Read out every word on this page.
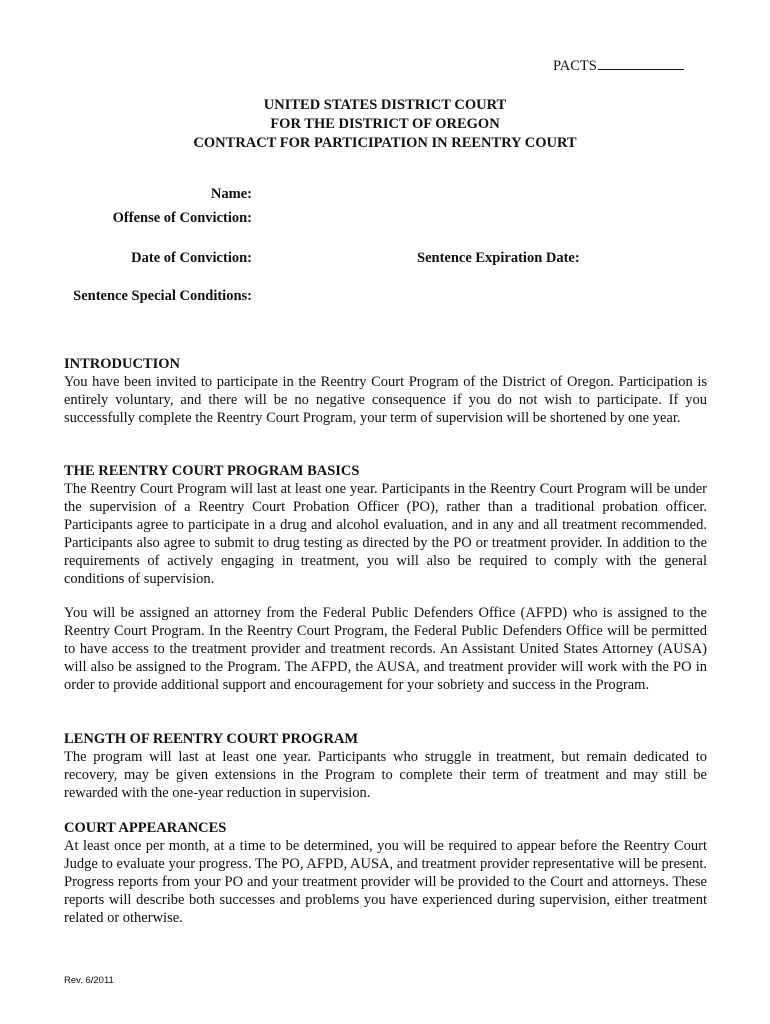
PACTS
UNITED STATES DISTRICT COURT
FOR THE DISTRICT OF OREGON
CONTRACT FOR PARTICIPATION IN REENTRY COURT
Name:
Offense of Conviction:
Date of Conviction:	Sentence Expiration Date:
Sentence Special Conditions:
INTRODUCTION

You have been invited to participate in the Reentry Court Program of the District of Oregon. Participation is entirely voluntary, and there will be no negative consequence if you do not wish to participate. If you successfully complete the Reentry Court Program, your term of supervision will be shortened by one year.

THE REENTRY COURT PROGRAM BASICS

The Reentry Court Program will last at least one year. Participants in the Reentry Court Program will be under the supervision of a Reentry Court Probation Officer (PO), rather than a traditional probation officer. Participants agree to participate in a drug and alcohol evaluation, and in any and all treatment recommended. Participants also agree to submit to drug testing as directed by the PO or treatment provider. In addition to the requirements of actively engaging in treatment, you will also be required to comply with the general conditions of supervision.

You will be assigned an attorney from the Federal Public Defenders Office (AFPD) who is assigned to the Reentry Court Program. In the Reentry Court Program, the Federal Public Defenders Office will be permitted to have access to the treatment provider and treatment records. An Assistant United States Attorney (AUSA) will also be assigned to the Program. The AFPD, the AUSA, and treatment provider will work with the PO in order to provide additional support and encouragement for your sobriety and success in the Program.

LENGTH OF REENTRY COURT PROGRAM

The program will last at least one year. Participants who struggle in treatment, but remain dedicated to recovery, may be given extensions in the Program to complete their term of treatment and may still be rewarded with the one-year reduction in supervision.

COURT APPEARANCES

At least once per month, at a time to be determined, you will be required to appear before the Reentry Court Judge to evaluate your progress. The PO, AFPD, AUSA, and treatment provider representative will be present. Progress reports from your PO and your treatment provider will be provided to the Court and attorneys. These reports will describe both successes and problems you have experienced during supervision, either treatment related or otherwise.

Rev. 6/2011
